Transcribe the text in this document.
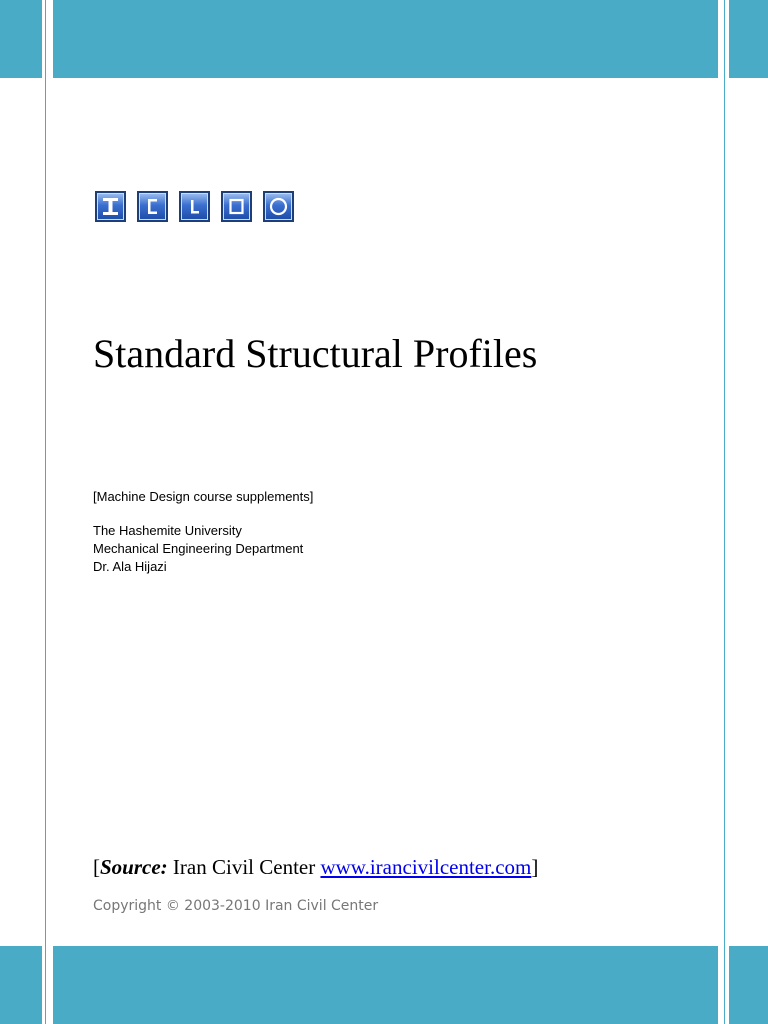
Standard Structural Profiles
[Machine Design course supplements]
The Hashemite University
Mechanical Engineering Department
Dr. Ala Hijazi
[Source: Iran Civil Center www.irancivilcenter.com]
Copyright © 2003-2010 Iran Civil Center
